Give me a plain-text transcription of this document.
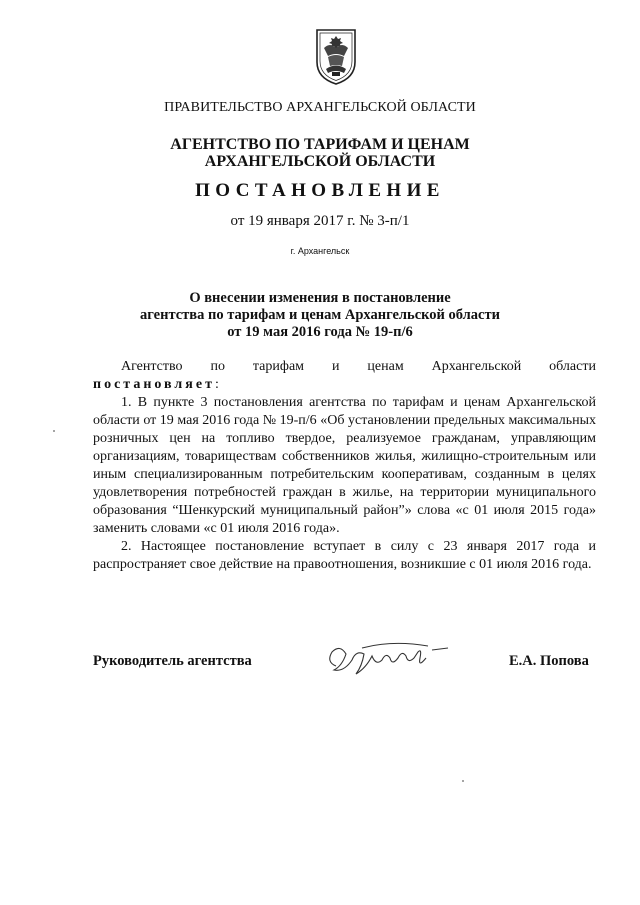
ПРАВИТЕЛЬСТВО АРХАНГЕЛЬСКОЙ ОБЛАСТИ
АГЕНТСТВО ПО ТАРИФАМ И ЦЕНАМ
АРХАНГЕЛЬСКОЙ ОБЛАСТИ
ПОСТАНОВЛЕНИЕ
от 19 января 2017 г. № 3-п/1
г. Архангельск
О внесении изменения в постановление
агентства по тарифам и ценам Архангельской области
от 19 мая 2016 года № 19-п/6
Агентство по тарифам и ценам Архангельской области
постановляет:

1. В пункте 3 постановления агентства по тарифам и ценам Архангельской области от 19 мая 2016 года № 19-п/6 «Об установлении предельных максимальных розничных цен на топливо твердое, реализуемое гражданам, управляющим организациям, товариществам собственников жилья, жилищно-строительным или иным специализированным потребительским кооперативам, созданным в целях удовлетворения потребностей граждан в жилье, на территории муниципального образования “Шенкурский муниципальный район”» слова «с 01 июля 2015 года» заменить словами «с 01 июля 2016 года».

2. Настоящее постановление вступает в силу с 23 января 2017 года и распространяет свое действие на правоотношения, возникшие с 01 июля 2016 года.

Руководитель агентства	Е.А. Попова
